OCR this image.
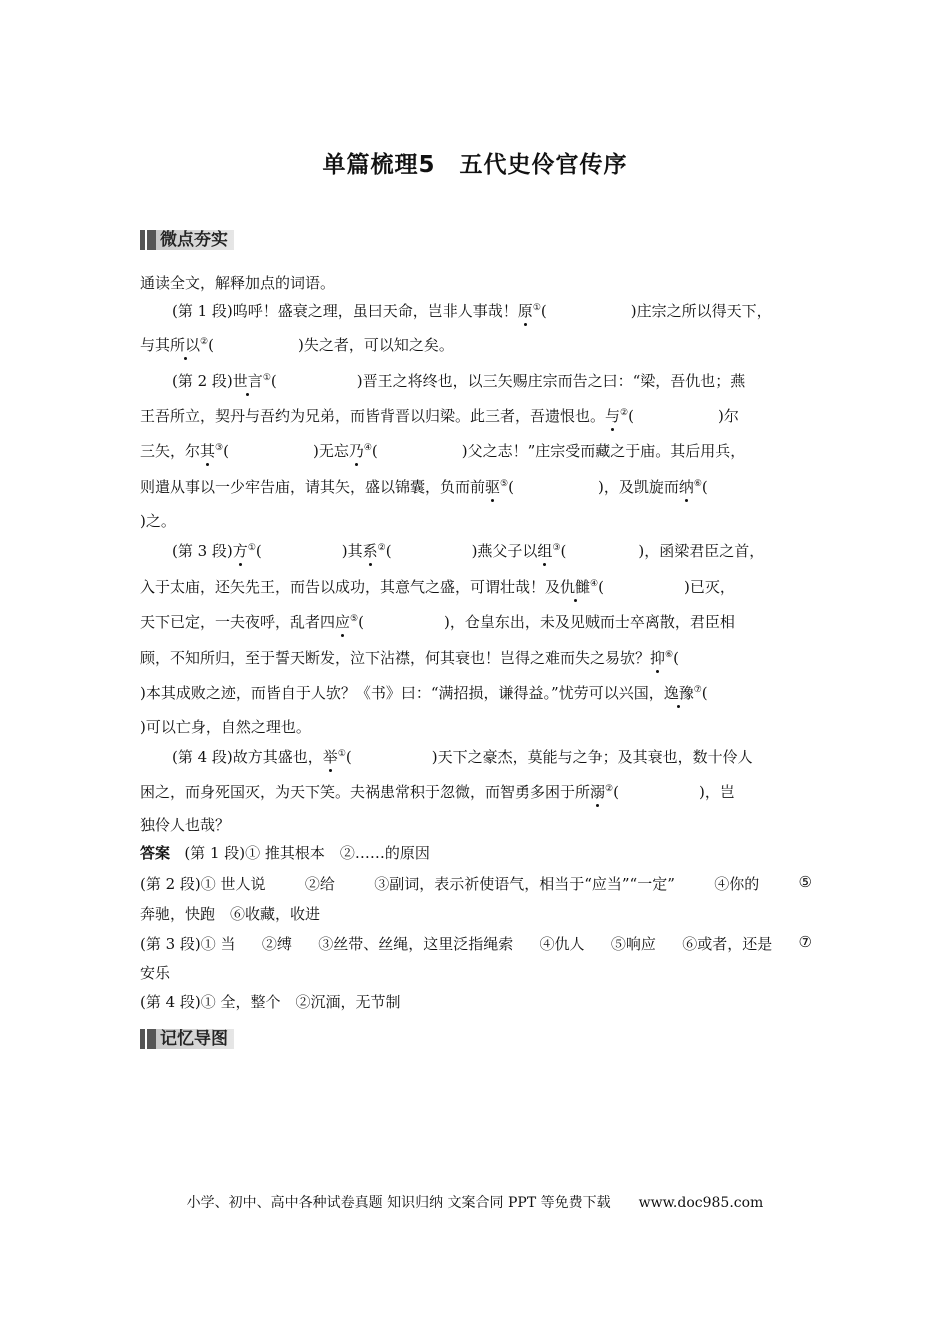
单篇梳理5　五代史伶官传序
微点夯实
通读全文，解释加点的词语。
(第 1 段)呜呼！盛衰之理，虽曰天命，岂非人事哉！原①(	)庄宗之所以得天下，
与其所以②(	)失之者，可以知之矣。
(第 2 段)世言①(	)晋王之将终也，以三矢赐庄宗而告之曰：“梁，吾仇也；燕
王吾所立，契丹与吾约为兄弟，而皆背晋以归梁。此三者，吾遗恨也。与②(	)尔
三矢，尔其③(	)无忘乃④(	)父之志！”庄宗受而藏之于庙。其后用兵，
则遣从事以一少牢告庙，请其矢，盛以锦囊，负而前驱⑤(	)，及凯旋而纳⑥(
)之。
(第 3 段)方①(	)其系②(	)燕父子以组③(	)，函梁君臣之首，
入于太庙，还矢先王，而告以成功，其意气之盛，可谓壮哉！及仇雠④(	)已灭，
天下已定，一夫夜呼，乱者四应⑤(	)，仓皇东出，未及见贼而士卒离散，君臣相
顾，不知所归，至于誓天断发，泣下沾襟，何其衰也！岂得之难而失之易欤？抑⑥(
)本其成败之迹，而皆自于人欤？《书》曰：“满招损，谦得益。”忧劳可以兴国，逸豫⑦(
)可以亡身，自然之理也。
(第 4 段)故方其盛也，举①(	)天下之豪杰，莫能与之争；及其衰也，数十伶人
困之，而身死国灭，为天下笑。夫祸患常积于忽微，而智勇多困于所溺②(	)，岂
独伶人也哉？
答案 (第 1 段)① 推其根本　②……的原因
(第 2 段)① 世人说	②给	③副词，表示祈使语气，相当于“应当”“一定”	④你的	⑤
奔驰，快跑　⑥收藏，收进
(第 3 段)① 当 ②缚 ③丝带、丝绳，这里泛指绳索 ④仇人 ⑤响应 ⑥或者，还是 ⑦
安乐
(第 4 段)① 全，整个　②沉湎，无节制
记忆导图
小学、初中、高中各种试卷真题 知识归纳 文案合同 PPT 等免费下载 www.doc985.com
